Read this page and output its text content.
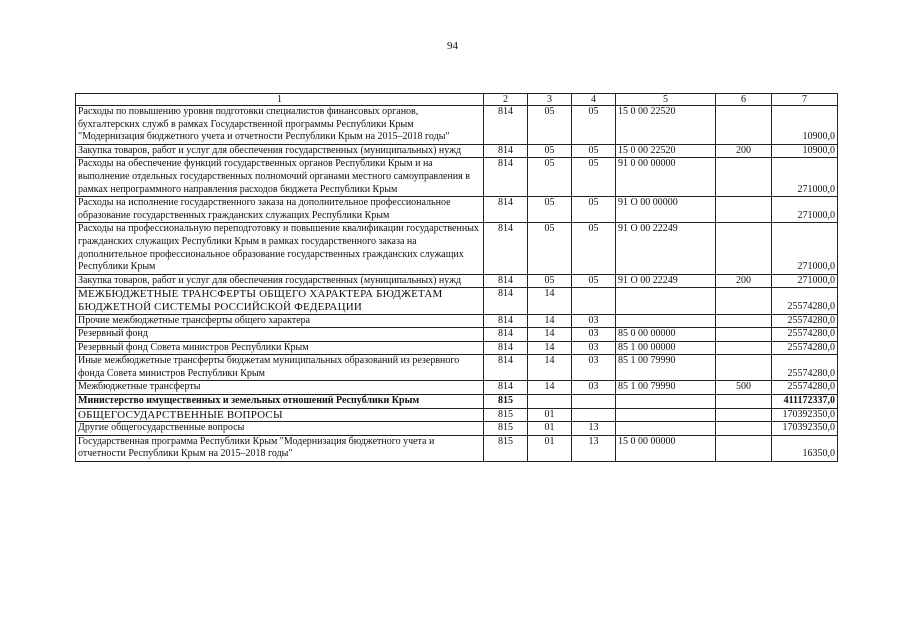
94
1	2	3	4	5	6	7
Расходы по повышению уровня подготовки специалистов финансовых органов, бухгалтерских служб в рамках Государственной программы Республики Крым "Модернизация бюджетного учета и отчетности Республики Крым на 2015–2018 годы"	814	05	05	15 0 00 22520		10900,0
Закупка товаров, работ и услуг для обеспечения государственных (муниципальных) нужд	814	05	05	15 0 00 22520	200	10900,0
Расходы на обеспечение функций государственных органов Республики Крым и на выполнение отдельных государственных полномочий органами местного самоуправления в рамках непрограммного направления расходов бюджета Республики Крым	814	05	05	91 0 00 00000		271000,0
Расходы на исполнение государственного заказа на дополнительное профессиональное образование государственных гражданских служащих Республики Крым	814	05	05	91 О 00 00000		271000,0
Расходы на профессиональную переподготовку и повышение квалификации государственных гражданских служащих Республики Крым в рамках государственного заказа на дополнительное профессиональное образование государственных гражданских служащих Республики Крым	814	05	05	91 О 00 22249		271000,0
Закупка товаров, работ и услуг для обеспечения государственных (муниципальных) нужд	814	05	05	91 О 00 22249	200	271000,0
МЕЖБЮДЖЕТНЫЕ ТРАНСФЕРТЫ ОБЩЕГО ХАРАКТЕРА БЮДЖЕТАМ БЮДЖЕТНОЙ СИСТЕМЫ РОССИЙСКОЙ ФЕДЕРАЦИИ	814	14				25574280,0
Прочие межбюджетные трансферты общего характера	814	14	03			25574280,0
Резервный фонд	814	14	03	85 0 00 00000		25574280,0
Резервный фонд Совета министров Республики Крым	814	14	03	85 1 00 00000		25574280,0
Иные межбюджетные трансферты бюджетам муниципальных образований из резервного фонда Совета министров Республики Крым	814	14	03	85 1 00 79990		25574280,0
Межбюджетные трансферты	814	14	03	85 1 00 79990	500	25574280,0
Министерство имущественных и земельных отношений Республики Крым	815					411172337,0
ОБЩЕГОСУДАРСТВЕННЫЕ ВОПРОСЫ	815	01				170392350,0
Другие общегосударственные вопросы	815	01	13			170392350,0
Государственная программа Республики Крым "Модернизация бюджетного учета и отчетности Республики Крым на 2015–2018 годы"	815	01	13	15 0 00 00000		16350,0
